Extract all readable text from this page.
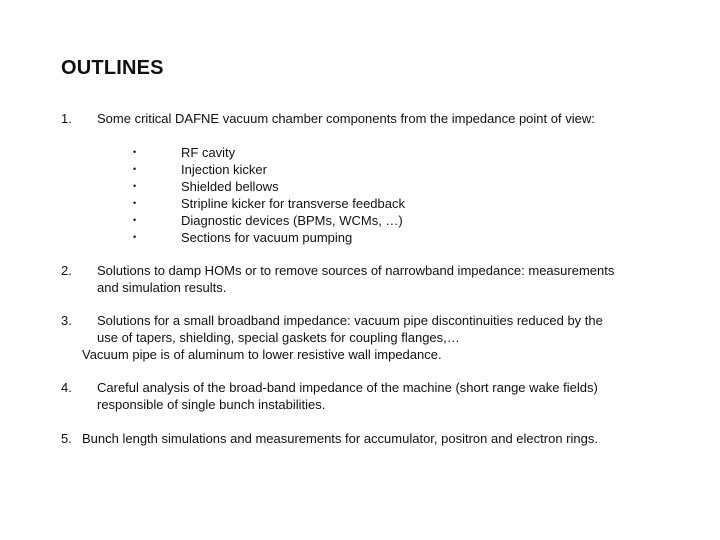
OUTLINES
1. Some critical DAFNE vacuum chamber components from the impedance point of view:
•	RF cavity
•	Injection kicker
•	Shielded bellows
•	Stripline kicker for transverse feedback
•	Diagnostic devices (BPMs, WCMs, …)
•	Sections for vacuum pumping
2. Solutions to damp HOMs or to remove sources of narrowband impedance: measurements
and simulation results.
3. Solutions for a small broadband impedance: vacuum pipe discontinuities reduced by the
use of tapers, shielding, special gaskets for coupling flanges,…
Vacuum pipe is of aluminum to lower resistive wall impedance.
4. Careful analysis of the broad-band impedance of the machine (short range wake fields)
responsible of single bunch instabilities.
5. Bunch length simulations and measurements for accumulator, positron and electron rings.
